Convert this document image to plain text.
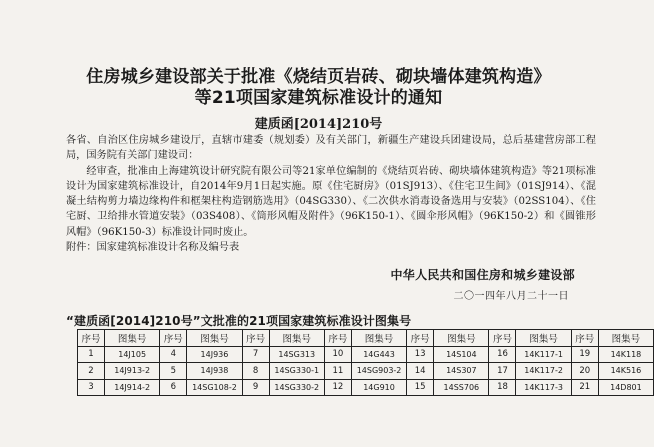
住房城乡建设部关于批准《烧结页岩砖、砌块墙体建筑构造》
等21项国家建筑标准设计的通知
建质函[2014]210号

各省、自治区住房城乡建设厅，直辖市建委（规划委）及有关部门，新疆生产建设兵团建设局，总后基建营房部工程局，国务院有关部门建设司：

经审查，批准由上海建筑设计研究院有限公司等21家单位编制的《烧结页岩砖、砌块墙体建筑构造》等21项标准设计为国家建筑标准设计，自2014年9月1日起实施。原《住宅厨房》（01SJ913）、《住宅卫生间》（01SJ914）、《混凝土结构剪力墙边缘构件和框架柱构造钢筋选用》（04SG330）、《二次供水消毒设备选用与安装》（02SS104）、《住宅厨、卫给排水管道安装》（03S408）、《筒形风帽及附件》（96K150-1）、《圆伞形风帽》（96K150-2）和《圆锥形风帽》（96K150-3）标准设计同时废止。

附件：国家建筑标准设计名称及编号表

中华人民共和国住房和城乡建设部
二〇一四年八月二十一日
“建质函[2014]210号”文批准的21项国家建筑标准设计图集号
序号	图集号	序号	图集号	序号	图集号	序号	图集号	序号	图集号	序号	图集号	序号	图集号
1	14J105	4	14J936	7	14SG313	10	14G443	13	14S104	16	14K117-1	19	14K118
2	14J913-2	5	14J938	8	14SG330-1	11	14SG903-2	14	14S307	17	14K117-2	20	14K516
3	14J914-2	6	14SG108-2	9	14SG330-2	12	14G910	15	14SS706	18	14K117-3	21	14D801
